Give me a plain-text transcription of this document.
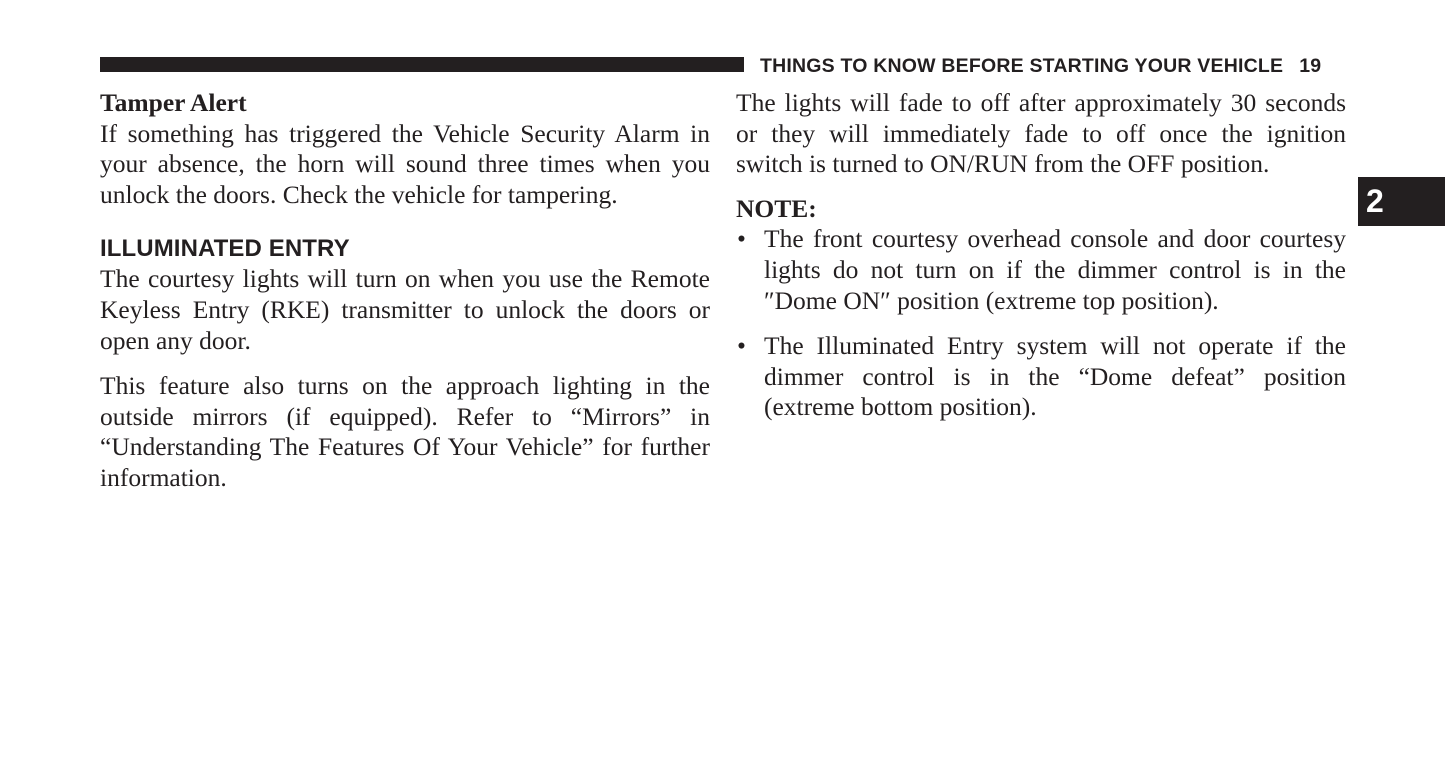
THINGS TO KNOW BEFORE STARTING YOUR VEHICLE 19
2

Tamper Alert

If something has triggered the Vehicle Security Alarm in your absence, the horn will sound three times when you unlock the doors. Check the vehicle for tampering.

ILLUMINATED ENTRY

The courtesy lights will turn on when you use the Remote Keyless Entry (RKE) transmitter to unlock the doors or open any door.

This feature also turns on the approach lighting in the outside mirrors (if equipped). Refer to “Mirrors” in “Understanding The Features Of Your Vehicle” for further information.

The lights will fade to off after approximately 30 seconds or they will immediately fade to off once the ignition switch is turned to ON/RUN from the OFF position.

NOTE:

• The front courtesy overhead console and door courtesy lights do not turn on if the dimmer control is in the ″Dome ON″ position (extreme top position).
• The Illuminated Entry system will not operate if the dimmer control is in the “Dome defeat” position (extreme bottom position).
